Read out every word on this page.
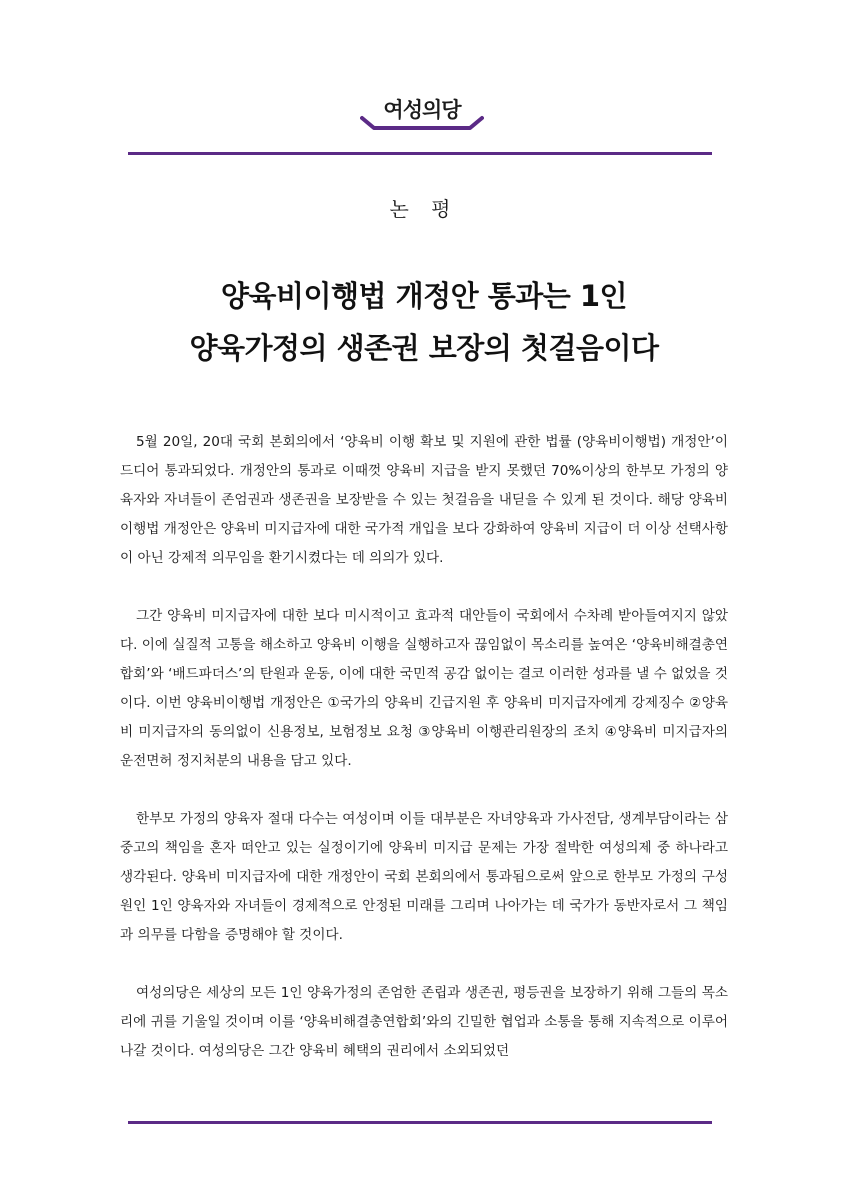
여성의당
논 평
양육비이행법 개정안 통과는 1인
양육가정의 생존권 보장의 첫걸음이다

5월 20일, 20대 국회 본회의에서 ‘양육비 이행 확보 및 지원에 관한 법률 (양육비이행법) 개정안’이 드디어 통과되었다. 개정안의 통과로 이때껏 양육비 지급을 받지 못했던 70%이상의 한부모 가정의 양육자와 자녀들이 존엄권과 생존권을 보장받을 수 있는 첫걸음을 내딛을 수 있게 된 것이다. 해당 양육비이행법 개정안은 양육비 미지급자에 대한 국가적 개입을 보다 강화하여 양육비 지급이 더 이상 선택사항이 아닌 강제적 의무임을 환기시켰다는 데 의의가 있다.

그간 양육비 미지급자에 대한 보다 미시적이고 효과적 대안들이 국회에서 수차례 받아들여지지 않았다. 이에 실질적 고통을 해소하고 양육비 이행을 실행하고자 끊임없이 목소리를 높여온 ‘양육비해결총연합회’와 ‘배드파더스’의 탄원과 운동, 이에 대한 국민적 공감 없이는 결코 이러한 성과를 낼 수 없었을 것이다. 이번 양육비이행법 개정안은 ①국가의 양육비 긴급지원 후 양육비 미지급자에게 강제징수 ②양육비 미지급자의 동의없이 신용정보, 보험정보 요청 ③양육비 이행관리원장의 조치 ④양육비 미지급자의 운전면허 정지처분의 내용을 담고 있다.

한부모 가정의 양육자 절대 다수는 여성이며 이들 대부분은 자녀양육과 가사전담, 생계부담이라는 삼중고의 책임을 혼자 떠안고 있는 실정이기에 양육비 미지급 문제는 가장 절박한 여성의제 중 하나라고 생각된다. 양육비 미지급자에 대한 개정안이 국회 본회의에서 통과됨으로써 앞으로 한부모 가정의 구성원인 1인 양육자와 자녀들이 경제적으로 안정된 미래를 그리며 나아가는 데 국가가 동반자로서 그 책임과 의무를 다함을 증명해야 할 것이다.

여성의당은 세상의 모든 1인 양육가정의 존엄한 존립과 생존권, 평등권을 보장하기 위해 그들의 목소리에 귀를 기울일 것이며 이를 ‘양육비해결총연합회’와의 긴밀한 협업과 소통을 통해 지속적으로 이루어나갈 것이다. 여성의당은 그간 양육비 혜택의 권리에서 소외되었던
